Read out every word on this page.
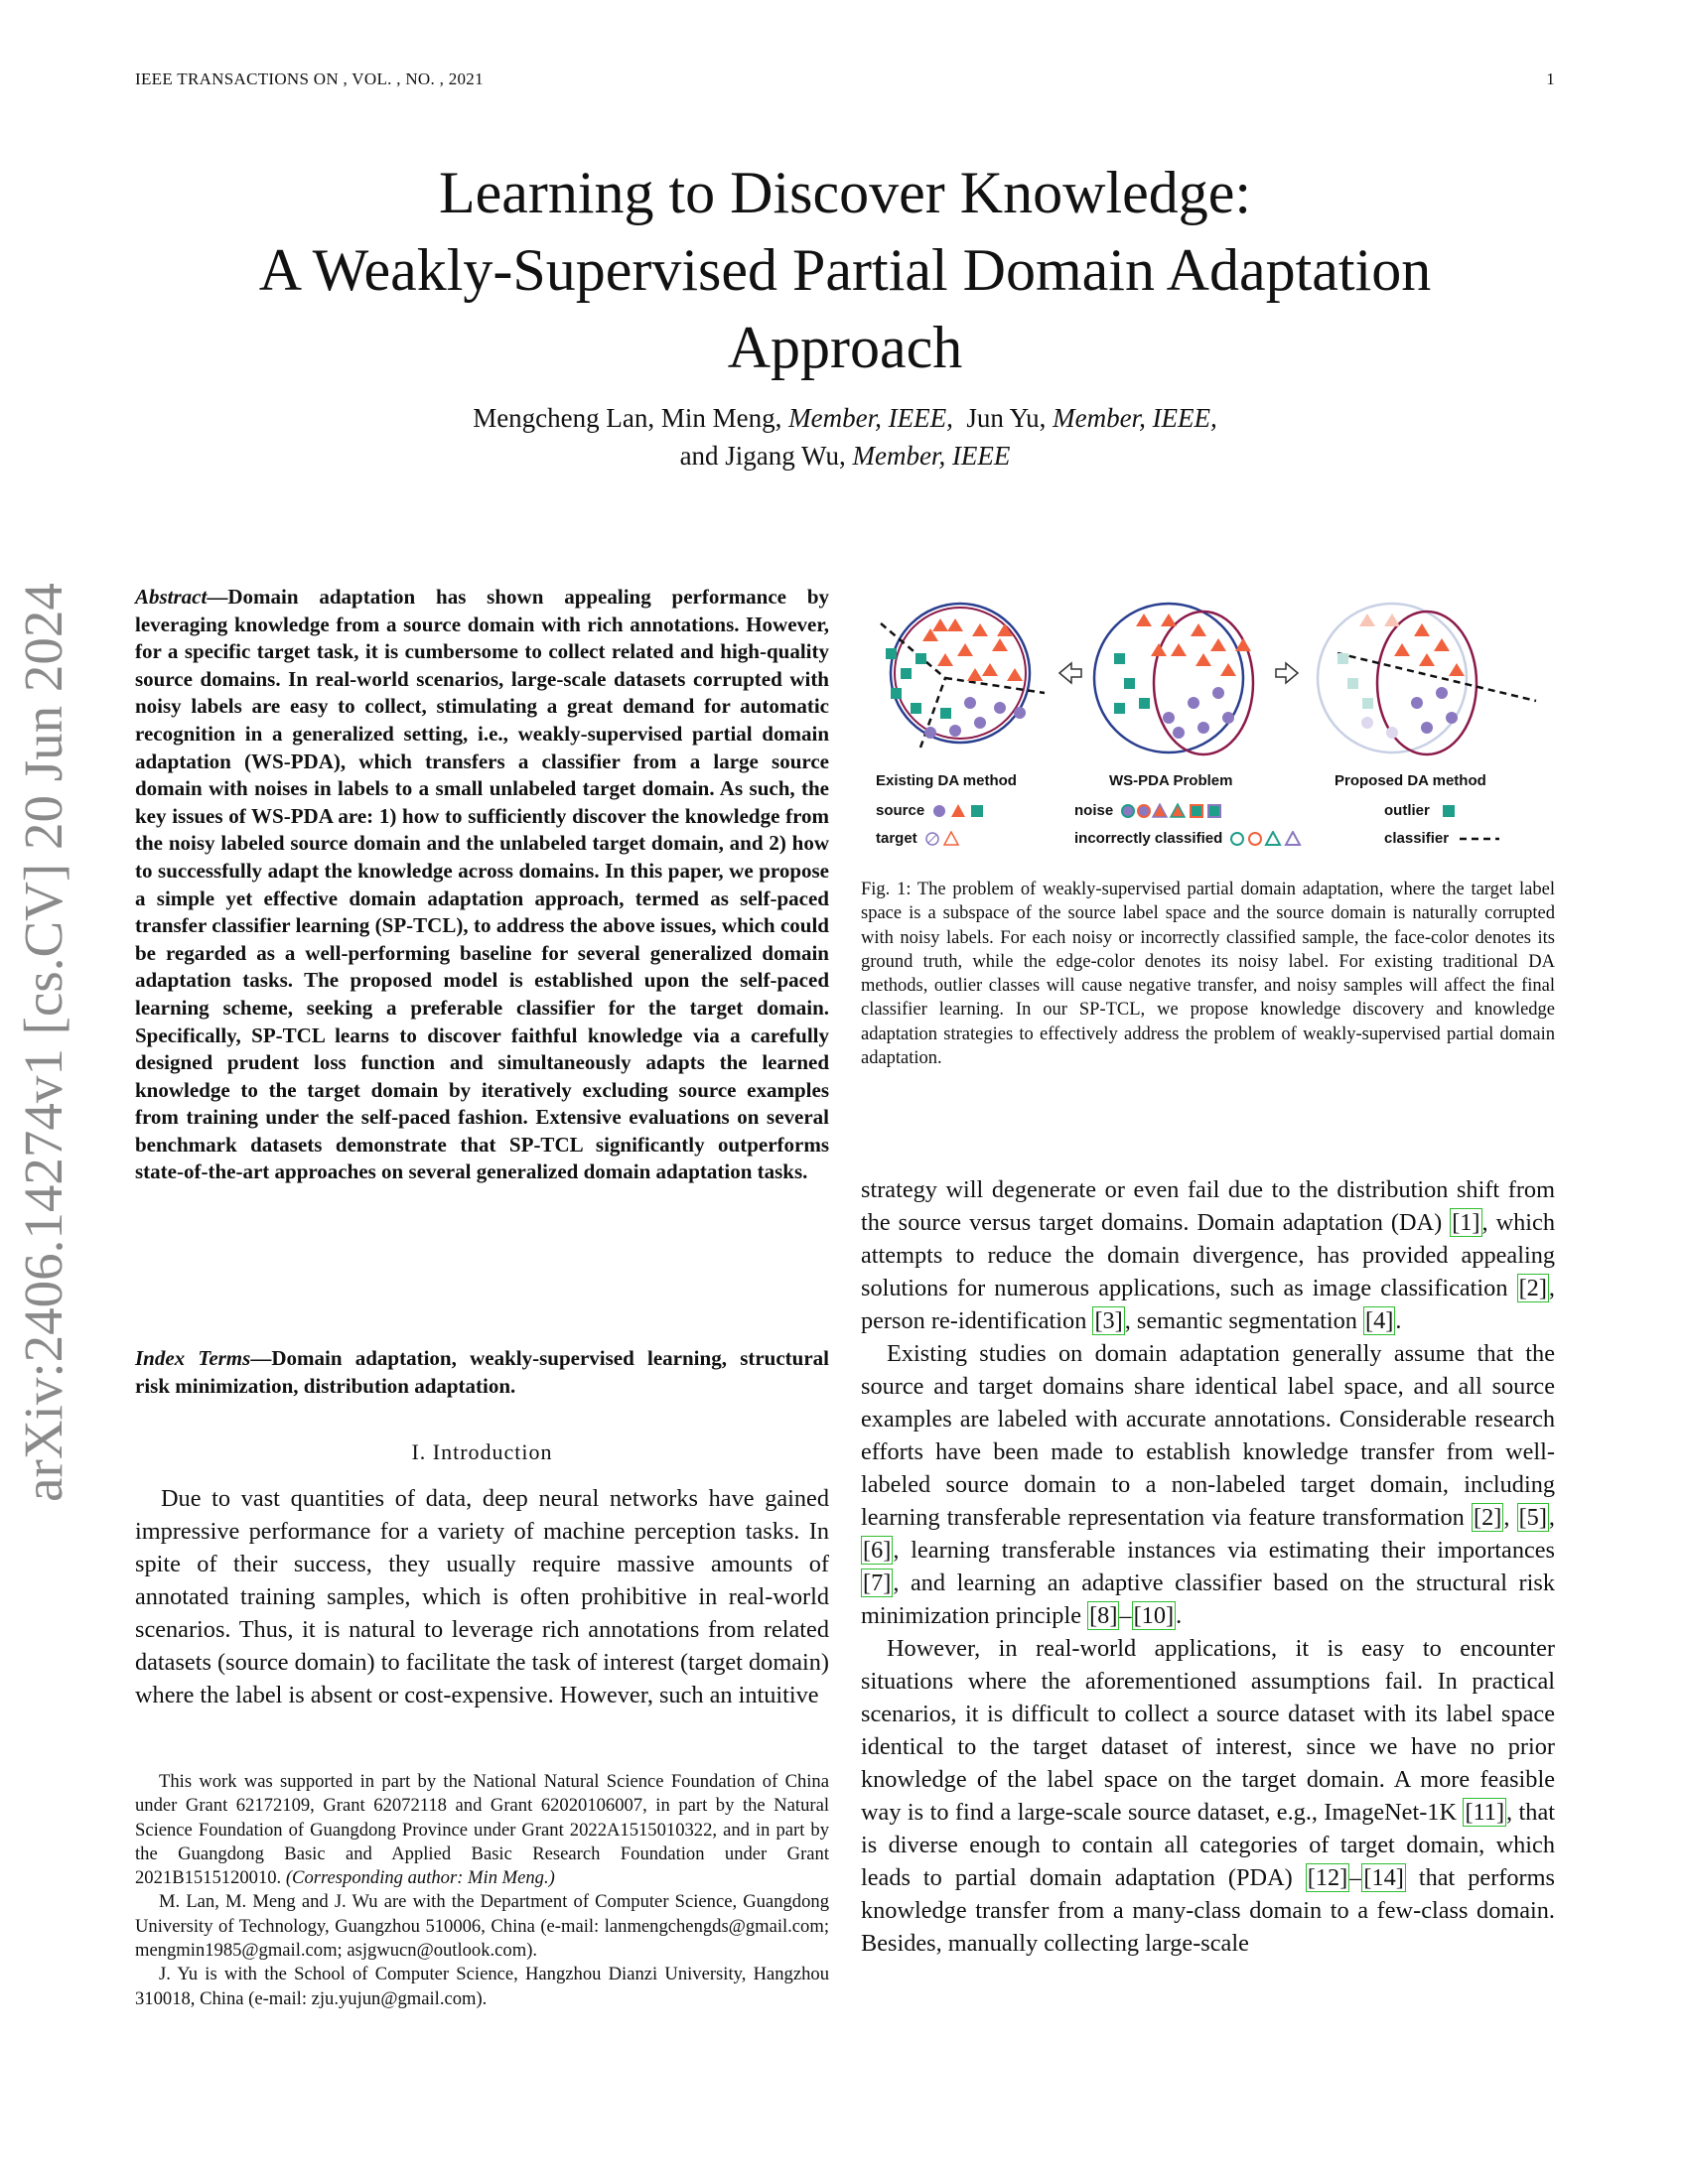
IEEE TRANSACTIONS ON , VOL. , NO. , 2021	1
arXiv:2406.14274v1 [cs.CV] 20 Jun 2024
Learning to Discover Knowledge:
A Weakly-Supervised Partial Domain Adaptation
Approach
Mengcheng Lan, Min Meng, Member, IEEE,  Jun Yu, Member, IEEE,
and Jigang Wu, Member, IEEE
Abstract—Domain adaptation has shown appealing performance by leveraging knowledge from a source domain with rich annotations. However, for a specific target task, it is cumbersome to collect related and high-quality source domains. In real-world scenarios, large-scale datasets corrupted with noisy labels are easy to collect, stimulating a great demand for automatic recognition in a generalized setting, i.e., weakly-supervised partial domain adaptation (WS-PDA), which transfers a classifier from a large source domain with noises in labels to a small unlabeled target domain. As such, the key issues of WS-PDA are: 1) how to sufficiently discover the knowledge from the noisy labeled source domain and the unlabeled target domain, and 2) how to successfully adapt the knowledge across domains. In this paper, we propose a simple yet effective domain adaptation approach, termed as self-paced transfer classifier learning (SP-TCL), to address the above issues, which could be regarded as a well-performing baseline for several generalized domain adaptation tasks. The proposed model is established upon the self-paced learning scheme, seeking a preferable classifier for the target domain. Specifically, SP-TCL learns to discover faithful knowledge via a carefully designed prudent loss function and simultaneously adapts the learned knowledge to the target domain by iteratively excluding source examples from training under the self-paced fashion. Extensive evaluations on several benchmark datasets demonstrate that SP-TCL significantly outperforms state-of-the-art approaches on several generalized domain adaptation tasks.
Index Terms—Domain adaptation, weakly-supervised learning, structural risk minimization, distribution adaptation.
I. Introduction

Due to vast quantities of data, deep neural networks have gained impressive performance for a variety of machine perception tasks. In spite of their success, they usually require massive amounts of annotated training samples, which is often prohibitive in real-world scenarios. Thus, it is natural to leverage rich annotations from related datasets (source domain) to facilitate the task of interest (target domain) where the label is absent or cost-expensive. However, such an intuitive

This work was supported in part by the National Natural Science Foundation of China under Grant 62172109, Grant 62072118 and Grant 62020106007, in part by the Natural Science Foundation of Guangdong Province under Grant 2022A1515010322, and in part by the Guangdong Basic and Applied Basic Research Foundation under Grant 2021B1515120010. (Corresponding author: Min Meng.)

M. Lan, M. Meng and J. Wu are with the Department of Computer Science, Guangdong University of Technology, Guangzhou 510006, China (e-mail: lanmengchengds@gmail.com; mengmin1985@gmail.com; asjgwucn@outlook.com).

J. Yu is with the School of Computer Science, Hangzhou Dianzi University, Hangzhou 310018, China (e-mail: zju.yujun@gmail.com).

Existing DA method	WS-PDA Problem	Proposed DA method
source
target
noise
incorrectly classified
outlier
classifier
Fig. 1: The problem of weakly-supervised partial domain adaptation, where the target label space is a subspace of the source label space and the source domain is naturally corrupted with noisy labels. For each noisy or incorrectly classified sample, the face-color denotes its ground truth, while the edge-color denotes its noisy label. For existing traditional DA methods, outlier classes will cause negative transfer, and noisy samples will affect the final classifier learning. In our SP-TCL, we propose knowledge discovery and knowledge adaptation strategies to effectively address the problem of weakly-supervised partial domain adaptation.

strategy will degenerate or even fail due to the distribution shift from the source versus target domains. Domain adaptation (DA) [1], which attempts to reduce the domain divergence, has provided appealing solutions for numerous applications, such as image classification [2], person re-identification [3], semantic segmentation [4].

Existing studies on domain adaptation generally assume that the source and target domains share identical label space, and all source examples are labeled with accurate annotations. Considerable research efforts have been made to establish knowledge transfer from well-labeled source domain to a non-labeled target domain, including learning transferable representation via feature transformation [2], [5], [6], learning transferable instances via estimating their importances [7], and learning an adaptive classifier based on the structural risk minimization principle [8]–[10].

However, in real-world applications, it is easy to encounter situations where the aforementioned assumptions fail. In practical scenarios, it is difficult to collect a source dataset with its label space identical to the target dataset of interest, since we have no prior knowledge of the label space on the target domain. A more feasible way is to find a large-scale source dataset, e.g., ImageNet-1K [11], that is diverse enough to contain all categories of target domain, which leads to partial domain adaptation (PDA) [12]–[14] that performs knowledge transfer from a many-class domain to a few-class domain. Besides, manually collecting large-scale
